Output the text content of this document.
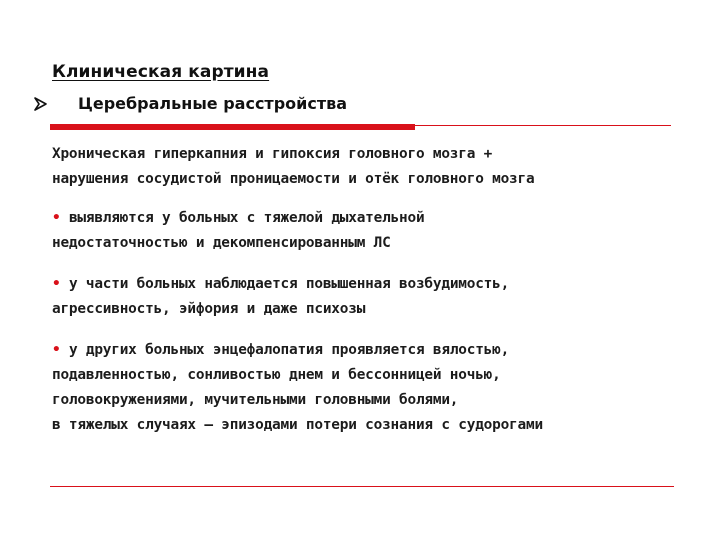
Клиническая картина
Церебральные расстройства
Хроническая гиперкапния и гипоксия головного мозга +
нарушения сосудистой проницаемости и отёк головного мозга
• выявляются у больных с тяжелой дыхательной
недостаточностью и декомпенсированным ЛС
• у части больных наблюдается повышенная возбудимость,
агрессивность, эйфория и даже психозы
• у других больных энцефалопатия проявляется вялостью,
подавленностью, сонливостью днем и бессонницей ночью,
головокружениями, мучительными головными болями,
в тяжелых случаях – эпизодами потери сознания с судорогами
